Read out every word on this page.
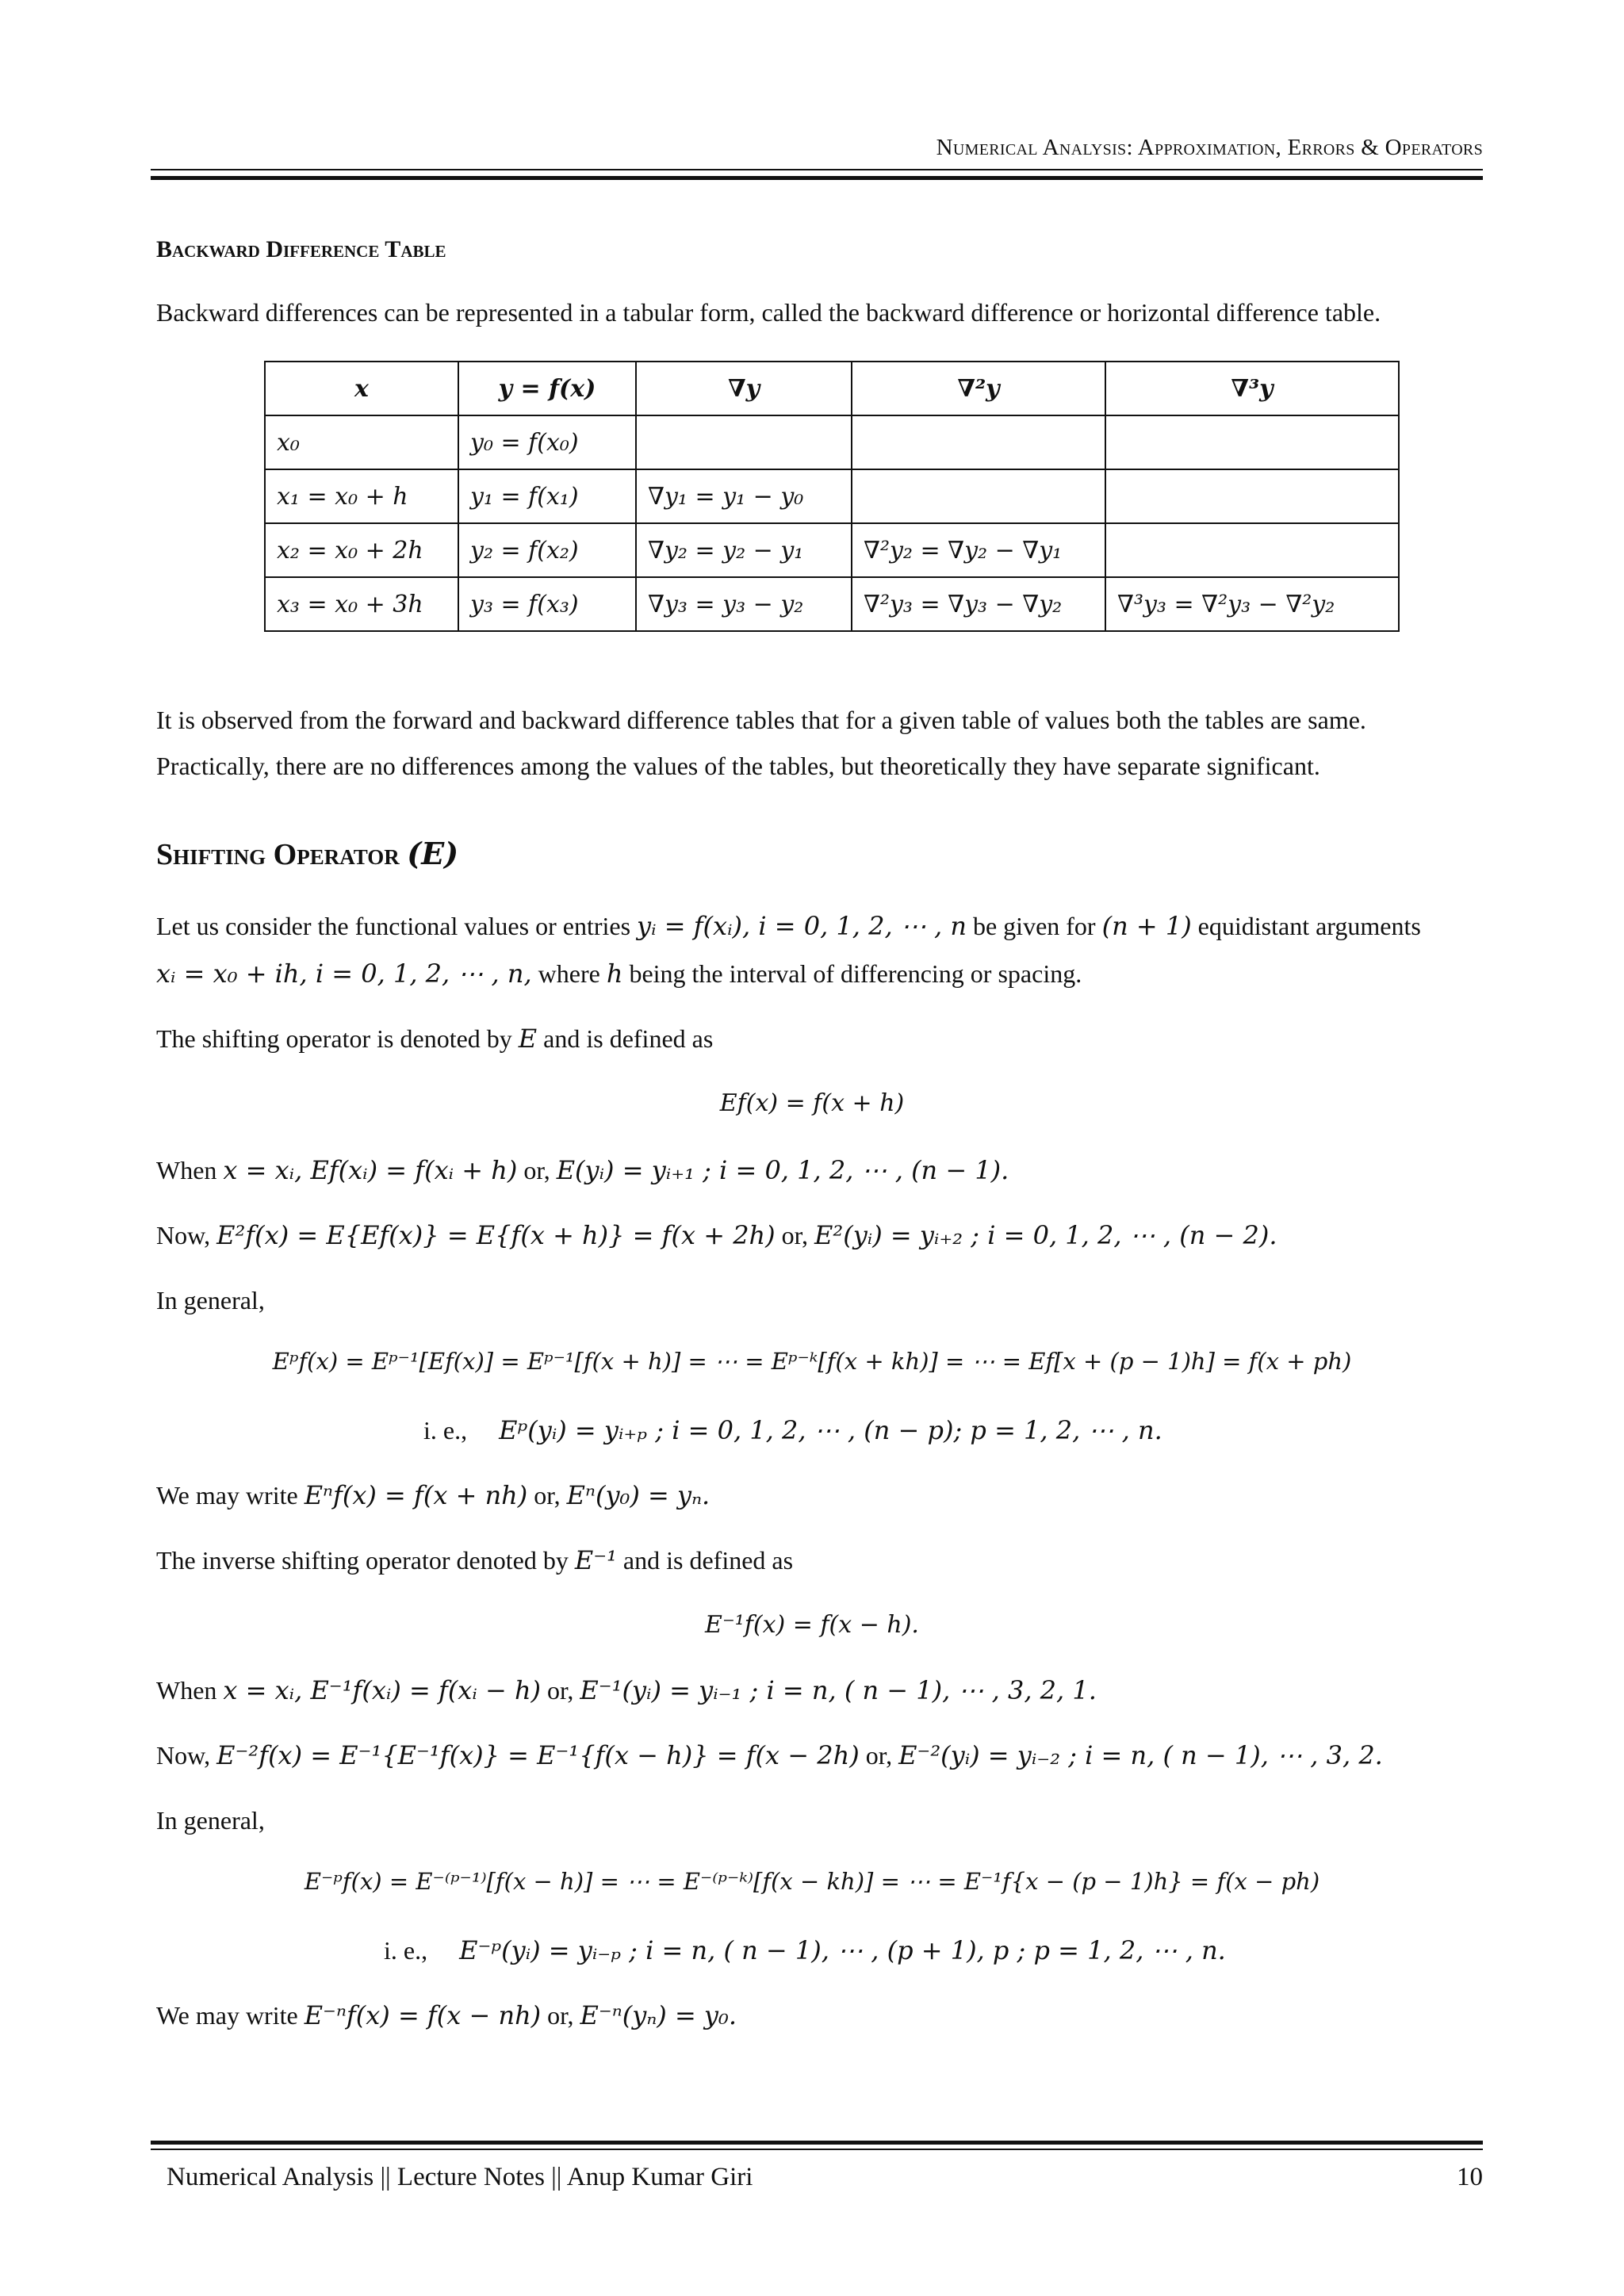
Numerical Analysis: Approximation, Errors & Operators
Backward Difference Table
Backward differences can be represented in a tabular form, called the backward difference or horizontal difference table.
x	y = f(x)	∇y	∇²y	∇³y
x₀	y₀ = f(x₀)			
x₁ = x₀ + h	y₁ = f(x₁)	∇y₁ = y₁ − y₀		
x₂ = x₀ + 2h	y₂ = f(x₂)	∇y₂ = y₂ − y₁	∇²y₂ = ∇y₂ − ∇y₁	
x₃ = x₀ + 3h	y₃ = f(x₃)	∇y₃ = y₃ − y₂	∇²y₃ = ∇y₃ − ∇y₂	∇³y₃ = ∇²y₃ − ∇²y₂
It is observed from the forward and backward difference tables that for a given table of values both the tables are same.
Practically, there are no differences among the values of the tables, but theoretically they have separate significant.
Shifting Operator (E)
Let us consider the functional values or entries yᵢ = f(xᵢ), i = 0, 1, 2, ⋯ , n be given for (n + 1) equidistant arguments
xᵢ = x₀ + ih, i = 0, 1, 2, ⋯ , n, where h being the interval of differencing or spacing.
The shifting operator is denoted by E and is defined as
Ef(x) = f(x + h)
When x = xᵢ, Ef(xᵢ) = f(xᵢ + h) or, E(yᵢ) = yᵢ₊₁ ; i = 0, 1, 2, ⋯ , (n − 1).
Now, E²f(x) = E{Ef(x)} = E{f(x + h)} = f(x + 2h) or, E²(yᵢ) = yᵢ₊₂ ; i = 0, 1, 2, ⋯ , (n − 2).
In general,
Eᵖf(x) = Eᵖ⁻¹[Ef(x)] = Eᵖ⁻¹[f(x + h)] = ⋯ = Eᵖ⁻ᵏ[f(x + kh)] = ⋯ = Ef[x + (p − 1)h] = f(x + ph)
i. e., Eᵖ(yᵢ) = yᵢ₊ₚ ; i = 0, 1, 2, ⋯ , (n − p); p = 1, 2, ⋯ , n.
We may write Eⁿf(x) = f(x + nh) or, Eⁿ(y₀) = yₙ.
The inverse shifting operator denoted by E⁻¹ and is defined as
E⁻¹f(x) = f(x − h).
When x = xᵢ, E⁻¹f(xᵢ) = f(xᵢ − h) or, E⁻¹(yᵢ) = yᵢ₋₁ ; i = n, ( n − 1), ⋯ , 3, 2, 1.
Now, E⁻²f(x) = E⁻¹{E⁻¹f(x)} = E⁻¹{f(x − h)} = f(x − 2h) or, E⁻²(yᵢ) = yᵢ₋₂ ; i = n, ( n − 1), ⋯ , 3, 2.
In general,
E⁻ᵖf(x) = E⁻⁽ᵖ⁻¹⁾[f(x − h)] = ⋯ = E⁻⁽ᵖ⁻ᵏ⁾[f(x − kh)] = ⋯ = E⁻¹f{x − (p − 1)h} = f(x − ph)
i. e., E⁻ᵖ(yᵢ) = yᵢ₋ₚ ; i = n, ( n − 1), ⋯ , (p + 1), p ; p = 1, 2, ⋯ , n.
We may write E⁻ⁿf(x) = f(x − nh) or, E⁻ⁿ(yₙ) = y₀.
Numerical Analysis || Lecture Notes || Anup Kumar Giri	10
